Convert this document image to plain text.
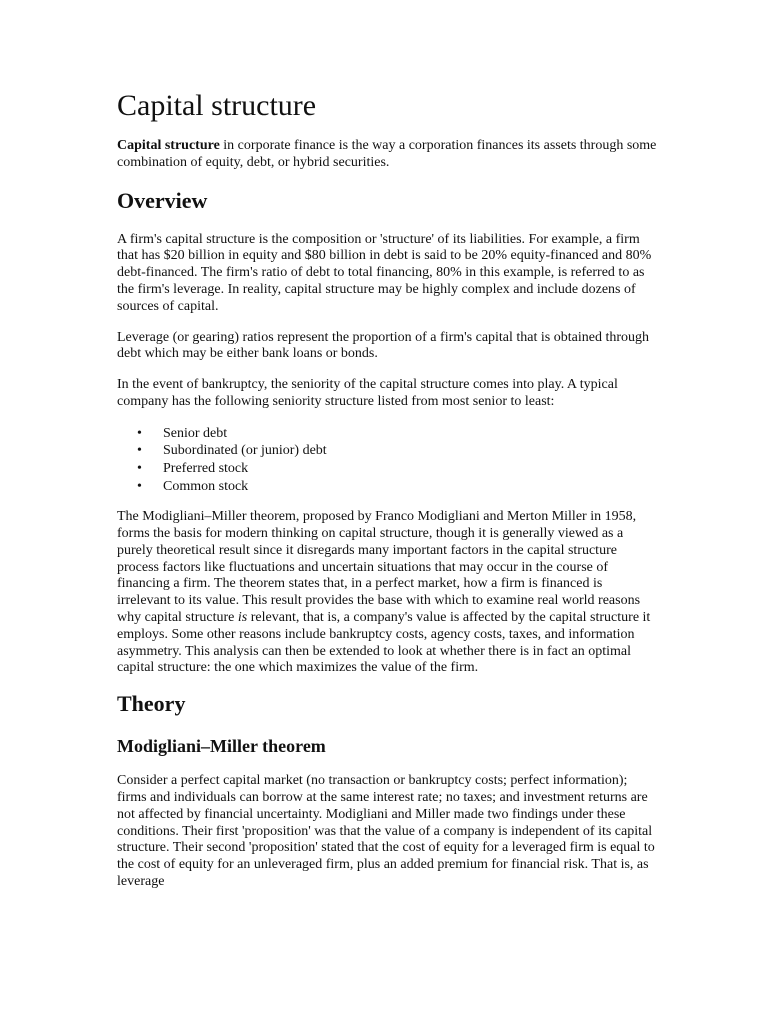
Capital structure

Capital structure in corporate finance is the way a corporation finances its assets through some combination of equity, debt, or hybrid securities.

Overview

A firm's capital structure is the composition or 'structure' of its liabilities. For example, a firm that has $20 billion in equity and $80 billion in debt is said to be 20% equity-financed and 80% debt-financed. The firm's ratio of debt to total financing, 80% in this example, is referred to as the firm's leverage. In reality, capital structure may be highly complex and include dozens of sources of capital.

Leverage (or gearing) ratios represent the proportion of a firm's capital that is obtained through debt which may be either bank loans or bonds.

In the event of bankruptcy, the seniority of the capital structure comes into play. A typical company has the following seniority structure listed from most senior to least:

• Senior debt
• Subordinated (or junior) debt
• Preferred stock
• Common stock

The Modigliani–Miller theorem, proposed by Franco Modigliani and Merton Miller in 1958, forms the basis for modern thinking on capital structure, though it is generally viewed as a purely theoretical result since it disregards many important factors in the capital structure process factors like fluctuations and uncertain situations that may occur in the course of financing a firm. The theorem states that, in a perfect market, how a firm is financed is irrelevant to its value. This result provides the base with which to examine real world reasons why capital structure is relevant, that is, a company's value is affected by the capital structure it employs. Some other reasons include bankruptcy costs, agency costs, taxes, and information asymmetry. This analysis can then be extended to look at whether there is in fact an optimal capital structure: the one which maximizes the value of the firm.

Theory
Modigliani–Miller theorem

Consider a perfect capital market (no transaction or bankruptcy costs; perfect information); firms and individuals can borrow at the same interest rate; no taxes; and investment returns are not affected by financial uncertainty. Modigliani and Miller made two findings under these conditions. Their first 'proposition' was that the value of a company is independent of its capital structure. Their second 'proposition' stated that the cost of equity for a leveraged firm is equal to the cost of equity for an unleveraged firm, plus an added premium for financial risk. That is, as leverage
